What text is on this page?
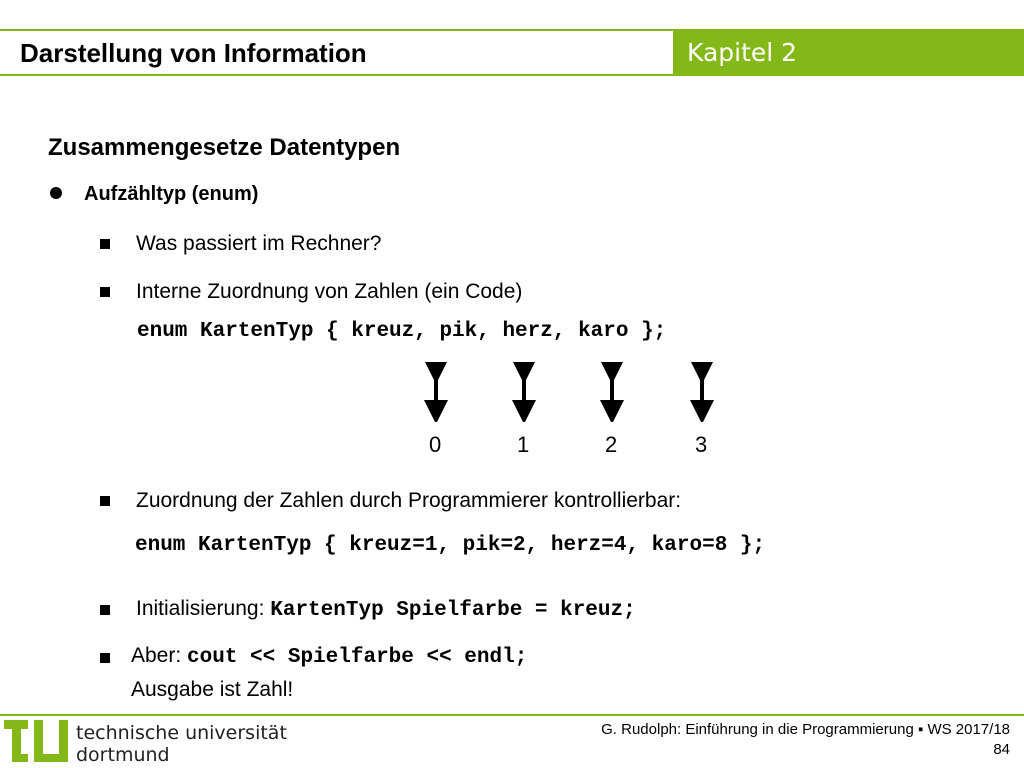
Darstellung von Information	Kapitel 2
Zusammengesetze Datentypen
Aufzähltyp (enum)
Was passiert im Rechner?
Interne Zuordnung von Zahlen (ein Code)
enum KartenTyp { kreuz, pik, herz, karo };
0	1	2	3
Zuordnung der Zahlen durch Programmierer kontrollierbar:
enum KartenTyp { kreuz=1, pik=2, herz=4, karo=8 };
Initialisierung: KartenTyp Spielfarbe = kreuz;
Aber: cout << Spielfarbe << endl;
Ausgabe ist Zahl!
technische universität
dortmund
G. Rudolph: Einführung in die Programmierung ▪ WS 2017/18
84
